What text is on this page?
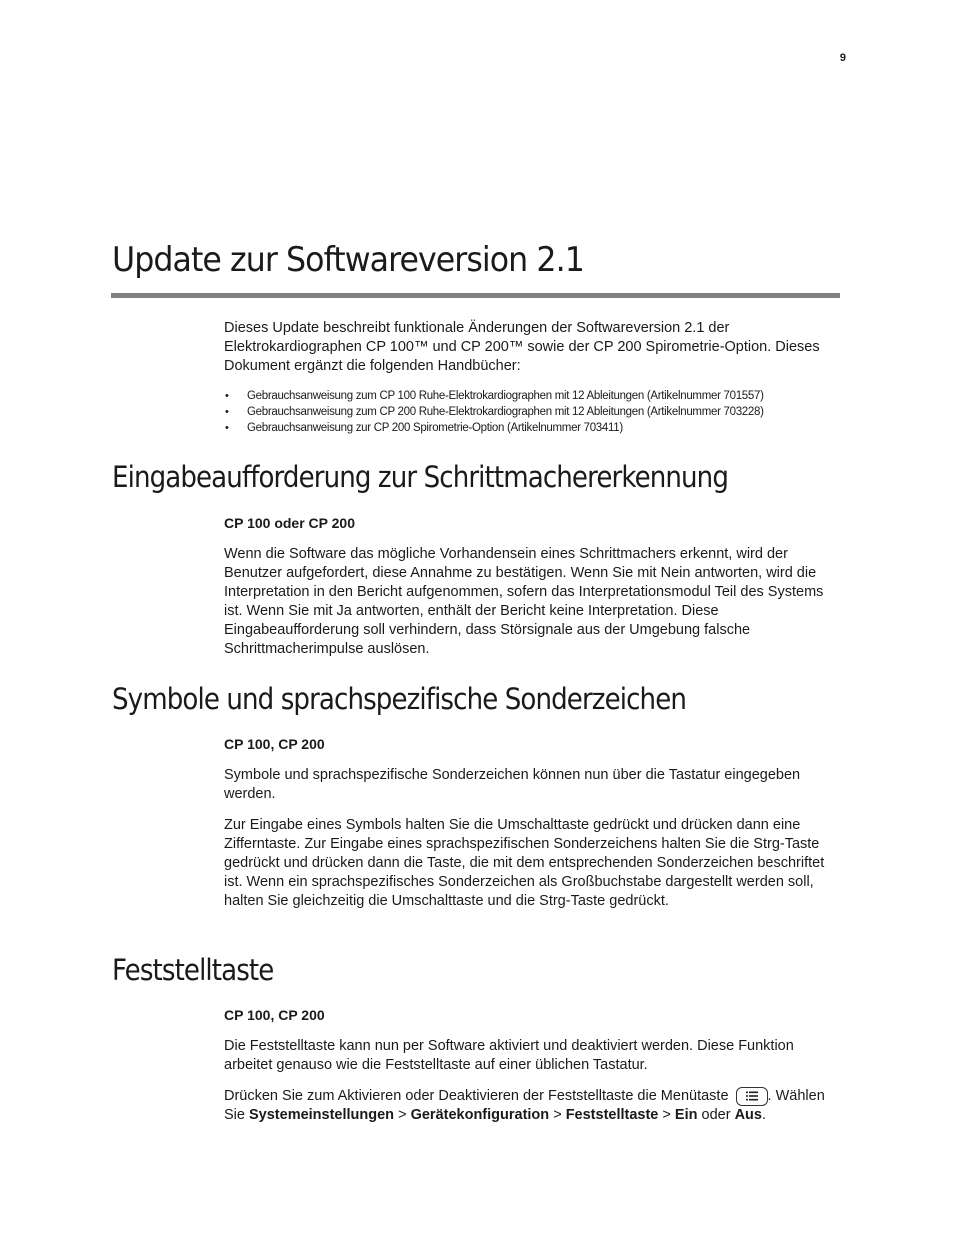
9
Update zur Softwareversion 2.1

Dieses Update beschreibt funktionale Änderungen der Softwareversion 2.1 der Elektrokardiographen CP 100™ und CP 200™ sowie der CP 200 Spirometrie-Option. Dieses Dokument ergänzt die folgenden Handbücher:

• Gebrauchsanweisung zum CP 100 Ruhe-Elektrokardiographen mit 12 Ableitungen (Artikelnummer 701557)
• Gebrauchsanweisung zum CP 200 Ruhe-Elektrokardiographen mit 12 Ableitungen (Artikelnummer 703228)
• Gebrauchsanweisung zur CP 200 Spirometrie-Option (Artikelnummer 703411)
Eingabeaufforderung zur Schrittmachererkennung

CP 100 oder CP 200

Wenn die Software das mögliche Vorhandensein eines Schrittmachers erkennt, wird der Benutzer aufgefordert, diese Annahme zu bestätigen. Wenn Sie mit Nein antworten, wird die Interpretation in den Bericht aufgenommen, sofern das Interpretationsmodul Teil des Systems ist. Wenn Sie mit Ja antworten, enthält der Bericht keine Interpretation. Diese Eingabeaufforderung soll verhindern, dass Störsignale aus der Umgebung falsche Schrittmacherimpulse auslösen.

Symbole und sprachspezifische Sonderzeichen

CP 100, CP 200

Symbole und sprachspezifische Sonderzeichen können nun über die Tastatur eingegeben werden.

Zur Eingabe eines Symbols halten Sie die Umschalttaste gedrückt und drücken dann eine Zifferntaste. Zur Eingabe eines sprachspezifischen Sonderzeichens halten Sie die Strg-Taste gedrückt und drücken dann die Taste, die mit dem entsprechenden Sonderzeichen beschriftet ist. Wenn ein sprachspezifisches Sonderzeichen als Großbuchstabe dargestellt werden soll, halten Sie gleichzeitig die Umschalttaste und die Strg-Taste gedrückt.

Feststelltaste

CP 100, CP 200

Die Feststelltaste kann nun per Software aktiviert und deaktiviert werden. Diese Funktion arbeitet genauso wie die Feststelltaste auf einer üblichen Tastatur.

Drücken Sie zum Aktivieren oder Deaktivieren der Feststelltaste die Menütaste	. Wählen Sie Systemeinstellungen > Gerätekonfiguration > Feststelltaste > Ein oder Aus.
